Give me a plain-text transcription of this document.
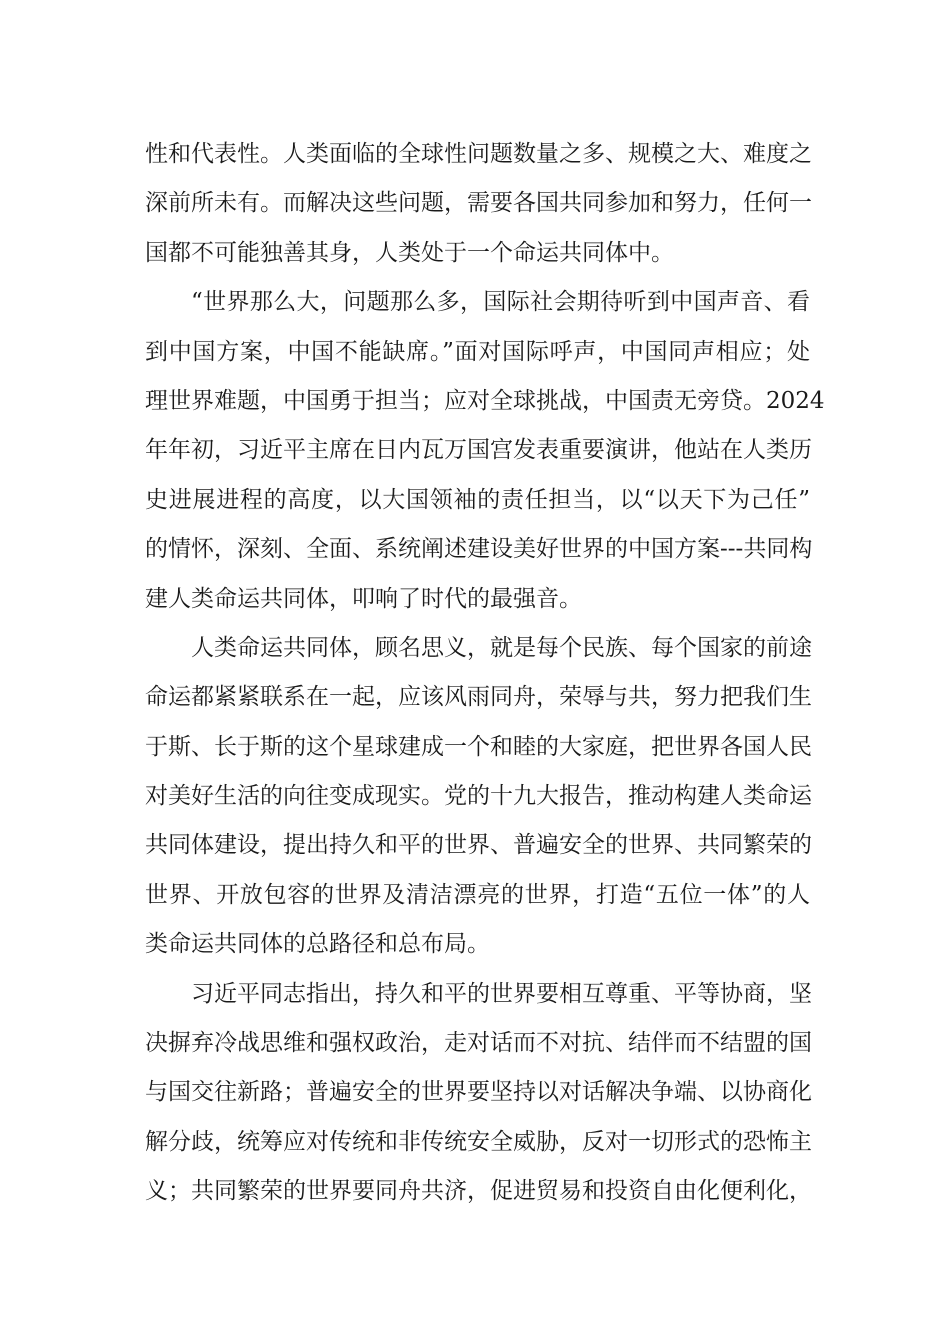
性和代表性。人类面临的全球性问题数量之多、规模之大、难度之
深前所未有。而解决这些问题，需要各国共同参加和努力，任何一
国都不可能独善其身，人类处于一个命运共同体中。
“世界那么大，问题那么多，国际社会期待听到中国声音、看
到中国方案，中国不能缺席。”面对国际呼声，中国同声相应；处
理世界难题，中国勇于担当；应对全球挑战，中国责无旁贷。2024
年年初，习近平主席在日内瓦万国宫发表重要演讲，他站在人类历
史进展进程的高度，以大国领袖的责任担当，以“以天下为己任”
的情怀，深刻、全面、系统阐述建设美好世界的中国方案---共同构
建人类命运共同体，叩响了时代的最强音。
人类命运共同体，顾名思义，就是每个民族、每个国家的前途
命运都紧紧联系在一起，应该风雨同舟，荣辱与共，努力把我们生
于斯、长于斯的这个星球建成一个和睦的大家庭，把世界各国人民
对美好生活的向往变成现实。党的十九大报告，推动构建人类命运
共同体建设，提出持久和平的世界、普遍安全的世界、共同繁荣的
世界、开放包容的世界及清洁漂亮的世界，打造“五位一体”的人
类命运共同体的总路径和总布局。
习近平同志指出，持久和平的世界要相互尊重、平等协商，坚
决摒弃冷战思维和强权政治，走对话而不对抗、结伴而不结盟的国
与国交往新路；普遍安全的世界要坚持以对话解决争端、以协商化
解分歧，统筹应对传统和非传统安全威胁，反对一切形式的恐怖主
义；共同繁荣的世界要同舟共济，促进贸易和投资自由化便利化，
